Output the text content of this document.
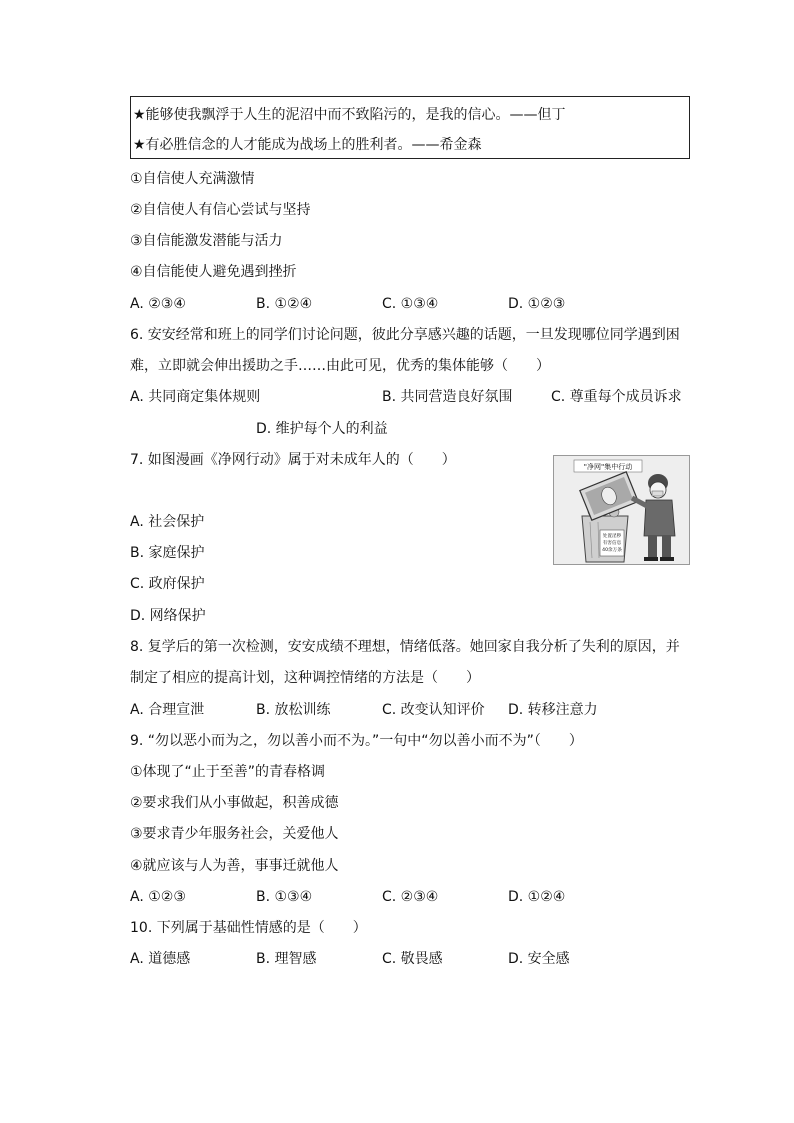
★能够使我飘浮于人生的泥沼中而不致陷污的，是我的信心。——但丁
★有必胜信念的人才能成为战场上的胜利者。——希金森
①自信使人充满激情
②自信使人有信心尝试与坚持
③自信能激发潜能与活力
④自信能使人避免遇到挫折
A. ②③④	B. ①②④	C. ①③④	D. ①②③
6. 安安经常和班上的同学们讨论问题，彼此分享感兴趣的话题，一旦发现哪位同学遇到困
难，立即就会伸出援助之手……由此可见，优秀的集体能够（　　）
A. 共同商定集体规则	B. 共同营造良好氛围	C. 尊重每个成员诉求
D. 维护每个人的利益
7. 如图漫画《净网行动》属于对未成年人的（　　）
A. 社会保护
B. 家庭保护
C. 政府保护
D. 网络保护
"净网"集中行动
处置淫秽
有害信息
40余万条
8. 复学后的第一次检测，安安成绩不理想，情绪低落。她回家自我分析了失利的原因，并
制定了相应的提高计划，这种调控情绪的方法是（　　）
A. 合理宣泄	B. 放松训练	C. 改变认知评价 D. 转移注意力
9. “勿以恶小而为之，勿以善小而不为。”一句中“勿以善小而不为”（　　）
①体现了“止于至善”的青春格调
②要求我们从小事做起，积善成德
③要求青少年服务社会，关爱他人
④就应该与人为善，事事迁就他人
A. ①②③	B. ①③④	C. ②③④	D. ①②④
10. 下列属于基础性情感的是（　　）
A. 道德感	B. 理智感	C. 敬畏感	D. 安全感
